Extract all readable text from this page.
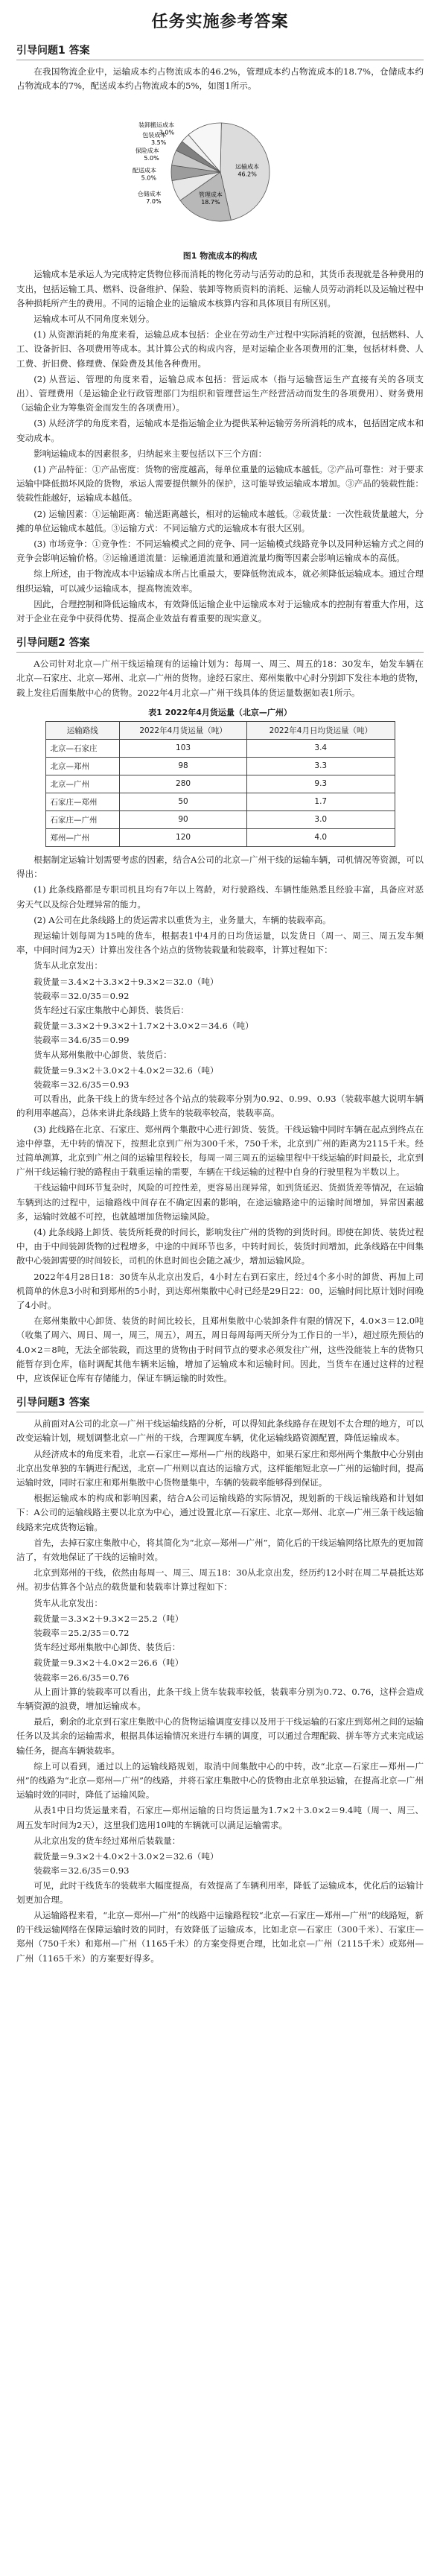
任务实施参考答案
引导问题1 答案

在我国物流企业中，运输成本约占物流成本的46.2%，管理成本约占物流成本的18.7%，仓储成本约占物流成本的7%，配送成本约占物流成本的5%，如图1所示。

运输成本
46.2%
管理成本
18.7%
仓储成本
7.0%
配送成本
5.0%
保险成本
5.0%
包装成本
3.5%
装卸搬运成本
3.0%
图1 物流成本的构成

运输成本是承运人为完成特定货物位移而消耗的物化劳动与活劳动的总和，其货币表现就是各种费用的支出，包括运输工具、燃料、设备维护、保险、装卸等物质资料的消耗、运输人员劳动消耗以及运输过程中各种损耗所产生的费用。不同的运输企业的运输成本核算内容和具体项目有所区别。

运输成本可从不同角度来划分。

(1) 从资源消耗的角度来看，运输总成本包括：企业在劳动生产过程中实际消耗的资源，包括燃料、人工、设备折旧、各项费用等成本。其计算公式的构成内容，是对运输企业各项费用的汇集，包括材料费、人工费、折旧费、修理费、保险费及其他各种费用。

(2) 从营运、管理的角度来看，运输总成本包括：营运成本（指与运输营运生产直接有关的各项支出）、管理费用（是运输企业行政管理部门为组织和管理营运生产经营活动而发生的各项费用）、财务费用（运输企业为筹集资金而发生的各项费用）。

(3) 从经济学的角度来看，运输成本是指运输企业为提供某种运输劳务所消耗的成本，包括固定成本和变动成本。

影响运输成本的因素很多，归纳起来主要包括以下三个方面：

(1) 产品特征：①产品密度：货物的密度越高，每单位重量的运输成本越低。②产品可靠性：对于要求运输中降低损坏风险的货物，承运人需要提供额外的保护，这可能导致运输成本增加。③产品的装载性能：装载性能越好，运输成本越低。

(2) 运输因素：①运输距离：输送距离越长，相对的运输成本越低。②载货量：一次性载货量越大，分摊的单位运输成本越低。③运输方式：不同运输方式的运输成本有很大区别。

(3) 市场竞争：①竞争性：不同运输模式之间的竞争、同一运输模式线路竞争以及同种运输方式之间的竞争会影响运输价格。②运输通道流量：运输通道流量和通道流量均衡等因素会影响运输成本的高低。

综上所述，由于物流成本中运输成本所占比重最大，要降低物流成本，就必须降低运输成本。通过合理组织运输，可以减少运输成本，提高物流效率。

因此，合理控制和降低运输成本，有效降低运输企业中运输成本对于运输成本的控制有着重大作用，这对于企业在竞争中获得优势、提高企业效益有着重要的现实意义。

引导问题2 答案

A公司针对北京—广州干线运输现有的运输计划为：每周一、周三、周五的18：30发车，始发车辆在北京—石家庄、北京—郑州、北京—广州的货物。途经石家庄、郑州集散中心时分别卸下发往本地的货物，载上发往后面集散中心的货物。2022年4月北京—广州干线具体的货运量数据如表1所示。

表1 2022年4月货运量（北京—广州）
运输路线	2022年4月货运量（吨）	2022年4月日均货运量（吨）
北京—石家庄	103	3.4
北京—郑州	98	3.3
北京—广州	280	9.3
石家庄—郑州	50	1.7
石家庄—广州	90	3.0
郑州—广州	120	4.0

根据制定运输计划需要考虑的因素，结合A公司的北京—广州干线的运输车辆，司机情况等资源，可以得出：

(1) 此条线路都是专职司机且均有7年以上驾龄，对行驶路线、车辆性能熟悉且经验丰富，具备应对恶劣天气以及综合处理异常的能力。

(2) A公司在此条线路上的货运需求以重货为主，业务量大，车辆的装载率高。

现运输计划每周为15吨的货车，根据表1中4月的日均货运量，以发货日（周一、周三、周五发车频率，中间时间为2天）计算出发往各个站点的货物装载量和装载率，计算过程如下：

货车从北京发出：

载货量＝3.4×2＋3.3×2＋9.3×2＝32.0（吨）
装载率＝32.0/35＝0.92

货车经过石家庄集散中心卸货、装货后：

载货量＝3.3×2＋9.3×2＋1.7×2＋3.0×2＝34.6（吨）
装载率＝34.6/35＝0.99

货车从郑州集散中心卸货、装货后：

载货量＝9.3×2＋3.0×2＋4.0×2＝32.6（吨）
装载率＝32.6/35＝0.93

可以看出，此条干线上的货车经过各个站点的装载率分别为0.92、0.99、0.93（装载率越大说明车辆的利用率越高），总体来讲此条线路上货车的装载率较高，装载率高。

(3) 此线路在北京、石家庄、郑州两个集散中心进行卸货、装货。干线运输中同时车辆在起点到终点在途中停靠，无中转的情况下，按照北京到广州为300千米，750千米，北京到广州的距离为2115千米。经过简单测算，北京到广州之间的运输里程较长，每周一周三周五的运输里程中干线运输的时间最长，北京到广州干线运输行驶的路程由于载重运输的需要，车辆在干线运输的过程中自身的行驶里程为半数以上。

干线运输中间环节复杂时，风险的可控性差，更容易出现异常，如到货延迟、货损货差等情况，在运输车辆到达的过程中，运输路线中间存在不确定因素的影响，在途运输路途中的运输时间增加，异常因素越多，运输时效越不可控，也就越增加货物运输风险。

(4) 此条线路上卸货、装货所耗费的时间长，影响发往广州的货物的到货时间。即使在卸货、装货过程中，由于中间装卸货物的过程增多，中途的中间环节也多，中转时间长，装货时间增加，此条线路在中间集散中心装卸需要的时间较长，司机的休息时间也会随之减少，增加运输风险。

2022年4月28日18：30货车从北京出发后，4小时左右到石家庄，经过4个多小时的卸货、再加上司机简单的休息3小时和到郑州的5小时，到达郑州集散中心时已经是29日22：00，运输时间比原计划时间晚了4小时。

在郑州集散中心卸货、装货的时间比较长，且郑州集散中心装卸条件有限的情况下，4.0×3＝12.0吨（收集了周六、周日、周一，周三，周五），周五，周日每周每两天所分为工作日的一半），超过原先预估的4.0×2＝8吨，无法全部装载，而这里的货物由于时间节点的要求必须发往广州，这些没能装上车的货物只能暂存到仓库，临时调配其他车辆来运输，增加了运输成本和运输时间。因此，当货车在通过这样的过程中，应该保证仓库有存储能力，保证车辆运输的时效性。

引导问题3 答案

从前面对A公司的北京—广州干线运输线路的分析，可以得知此条线路存在规划不太合理的地方，可以改变运输计划，规划调整北京—广州的干线，合理调度车辆，优化运输线路资源配置，降低运输成本。

从经济成本的角度来看，北京—石家庄—郑州—广州的线路中，如果石家庄和郑州两个集散中心分别由北京出发单独的车辆进行配送，北京—广州则以直达的运输方式，这样能缩短北京—广州的运输时间，提高运输时效，同时石家庄和郑州集散中心货物量集中，车辆的装载率能够得到保证。

根据运输成本的构成和影响因素，结合A公司运输线路的实际情况，规划新的干线运输线路和计划如下：A公司的运输线路主要以北京为中心，通过设置北京—石家庄、北京—郑州、北京—广州三条干线运输线路来完成货物运输。

首先，去掉石家庄集散中心，将其简化为“北京—郑州—广州”，简化后的干线运输网络比原先的更加简洁了，有效地保证了干线的运输时效。

北京到郑州的干线，依然由每周一、周三、周五18：30从北京出发，经历约12小时在周二早晨抵达郑州。初步估算各个站点的载货量和装载率计算过程如下：

货车从北京发出：

载货量＝3.3×2＋9.3×2＝25.2（吨）
装载率＝25.2/35＝0.72

货车经过郑州集散中心卸货、装货后：

载货量＝9.3×2＋4.0×2＝26.6（吨）
装载率＝26.6/35＝0.76

从上面计算的装载率可以看出，此条干线上货车装载率较低，装载率分别为0.72、0.76，这样会造成车辆资源的浪费，增加运输成本。

最后，剩余的北京到石家庄集散中心的货物运输调度安排以及用于干线运输的石家庄到郑州之间的运输任务以及其余的运输需求，根据具体运输情况来进行车辆的调度，可以通过合理配载、拼车等方式来完成运输任务，提高车辆装载率。

综上可以看到，通过以上的运输线路规划，取消中间集散中心的中转，改“北京—石家庄—郑州—广州”的线路为“北京—郑州—广州”的线路，并将石家庄集散中心的货物由北京单独运输，在提高北京—广州运输时效的同时，降低了运输风险。

从表1中日均货运量来看，石家庄—郑州运输的日均货运量为1.7×2＋3.0×2＝9.4吨（周一、周三、周五发车时间为2天），这里我们选用10吨的车辆就可以满足运输需求。

从北京出发的货车经过郑州后装载量：

载货量＝9.3×2＋4.0×2＋3.0×2＝32.6（吨）
装载率＝32.6/35＝0.93

可见，此时干线货车的装载率大幅度提高，有效提高了车辆利用率，降低了运输成本，优化后的运输计划更加合理。

从运输路程来看，“北京—郑州—广州”的线路中运输路程较“北京—石家庄—郑州—广州”的线路短，新的干线运输网络在保障运输时效的同时，有效降低了运输成本，比如北京—石家庄（300千米）、石家庄—郑州（750千米）和郑州—广州（1165千米）的方案变得更合理，比如北京—广州（2115千米）或郑州—广州（1165千米）的方案要好得多。
